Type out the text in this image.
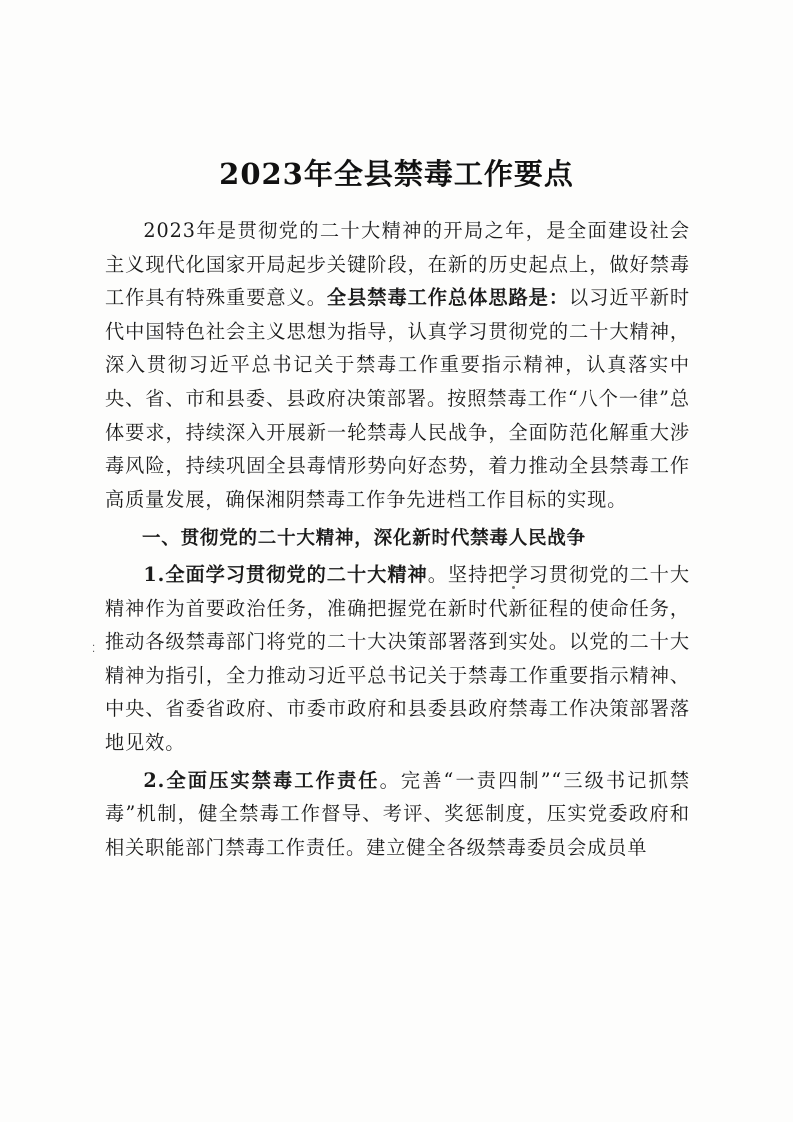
2023年全县禁毒工作要点

2023年是贯彻党的二十大精神的开局之年，是全面建设社会主义现代化国家开局起步关键阶段，在新的历史起点上，做好禁毒工作具有特殊重要意义。全县禁毒工作总体思路是：以习近平新时代中国特色社会主义思想为指导，认真学习贯彻党的二十大精神，深入贯彻习近平总书记关于禁毒工作重要指示精神，认真落实中央、省、市和县委、县政府决策部署。按照禁毒工作“八个一律”总体要求，持续深入开展新一轮禁毒人民战争，全面防范化解重大涉毒风险，持续巩固全县毒情形势向好态势，着力推动全县禁毒工作高质量发展，确保湘阴禁毒工作争先进档工作目标的实现。

一、贯彻党的二十大精神，深化新时代禁毒人民战争

1.全面学习贯彻党的二十大精神。坚持把学习贯彻党的二十大精神作为首要政治任务，准确把握党在新时代新征程的使命任务，推动各级禁毒部门将党的二十大决策部署落到实处。以党的二十大精神为指引，全力推动习近平总书记关于禁毒工作重要指示精神、中央、省委省政府、市委市政府和县委县政府禁毒工作决策部署落地见效。

2.全面压实禁毒工作责任。完善“一责四制”“三级书记抓禁毒”机制，健全禁毒工作督导、考评、奖惩制度，压实党委政府和相关职能部门禁毒工作责任。建立健全各级禁毒委员会成员单

⁚
